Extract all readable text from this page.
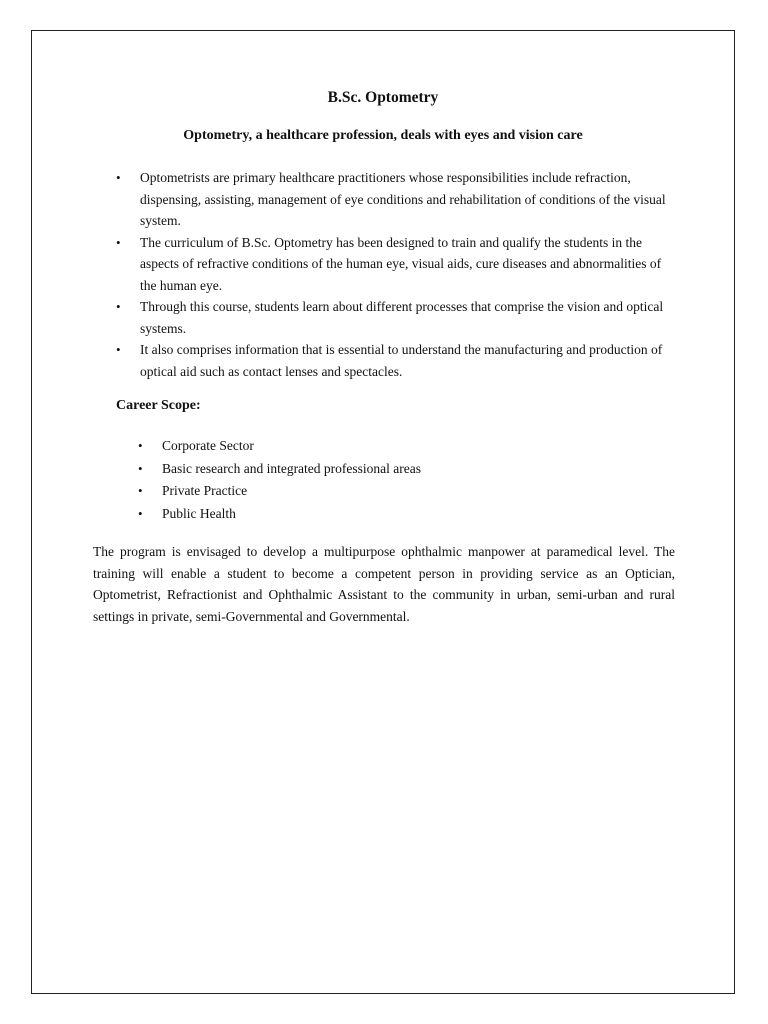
B.Sc. Optometry
Optometry, a healthcare profession, deals with eyes and vision care
•	Optometrists are primary healthcare practitioners whose responsibilities include refraction, dispensing, assisting, management of eye conditions and rehabilitation of conditions of the visual system.
•	The curriculum of B.Sc. Optometry has been designed to train and qualify the students in the aspects of refractive conditions of the human eye, visual aids, cure diseases and abnormalities of the human eye.
•	Through this course, students learn about different processes that comprise the vision and optical systems.
•	It also comprises information that is essential to understand the manufacturing and production of optical aid such as contact lenses and spectacles.
Career Scope:
•	Corporate Sector
•	Basic research and integrated professional areas
•	Private Practice
•	Public Health

The program is envisaged to develop a multipurpose ophthalmic manpower at paramedical level. The training will enable a student to become a competent person in providing service as an Optician, Optometrist, Refractionist and Ophthalmic Assistant to the community in urban, semi-urban and rural settings in private, semi-Governmental and Governmental.
